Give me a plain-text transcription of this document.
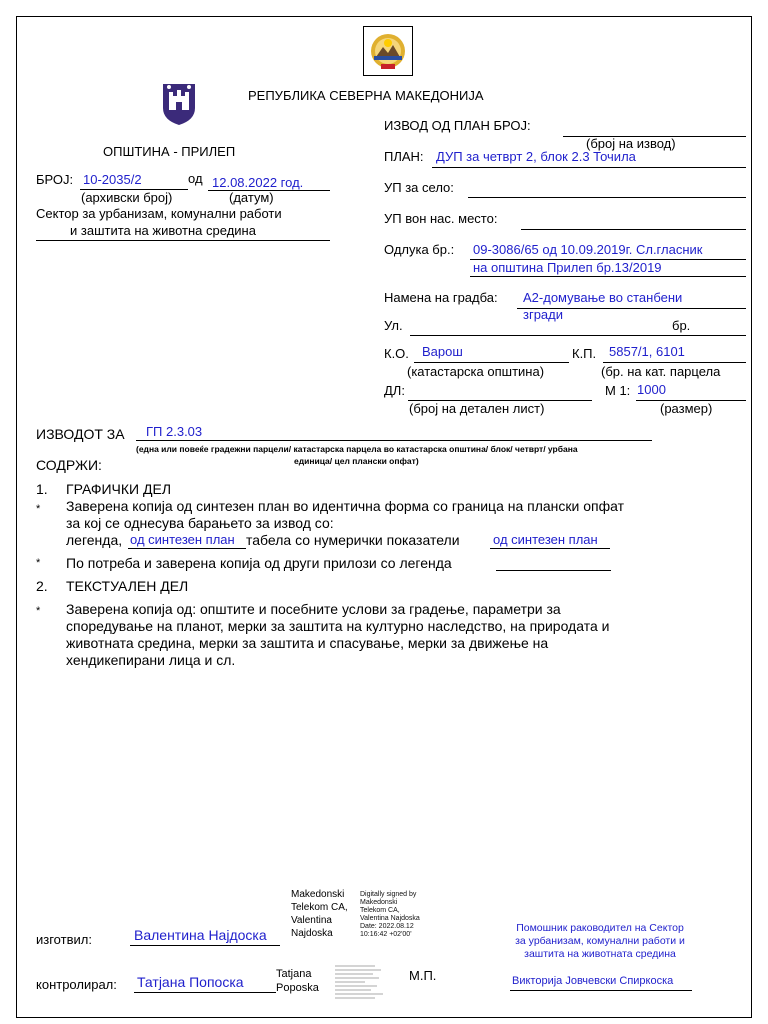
РЕПУБЛИКА СЕВЕРНА МАКЕДОНИЈА
ОПШТИНА - ПРИЛЕП
БРОЈ: 10-2035/2	од 12.08.2022 год.
(архивски број)	(датум)
Сектор за урбанизам, комунални работи
и заштита на животна средина
ИЗВОД ОД ПЛАН БРОЈ:
(број на извод)
ПЛАН: ДУП за четврт 2, блок 2.3 Точила
УП за село:
УП вон нас. место:
Одлука бр.: 09-3086/65 од 10.09.2019г. Сл.гласник
на општина Прилеп бр.13/2019
Намена на градба: А2-домување во станбени
згради
Ул.	бр.
К.О. Варош	К.П. 5857/1, 6101
(катастарска општина)	(бр. на кат. парцела
ДЛ:	М 1: 1000
(број на детален лист)	(размер)
ИЗВОДОТ ЗА ГП 2.3.03
(една или повеќе градежни парцели/ катастарска парцела во катастарска општина/ блок/ четврт/ урбана
единица/ цел плански опфат)
СОДРЖИ:
1. ГРАФИЧКИ ДЕЛ
* Заверена копија од синтезен план во идентична форма со граница на плански опфат
за кој се однесува барањето за извод со:
легенда, од синтезен план табела со нумерички показатели	од синтезен план
* По потреба и заверена копија од други прилози со легенда
2. ТЕКСТУАЛЕН ДЕЛ
* Заверена копија од: општите и посебните услови за градење, параметри за
споредување на планот, мерки за заштита на културно наследство, на природата и
животната средина, мерки за заштита и спасување, мерки за движење на
хендикепирани лица и сл.
изготвил:	Валентина Најдоска
Makedonski
Telekom CA,
Valentina
Najdoska
Digitally signed by
Makedonski
Telekom CA,
Valentina Najdoska
Date: 2022.08.12
10:16:42 +02'00'
контролирал: Татјана Попоска	Tatjana
Poposka
М.П.
Помошник раководител на Сектор
за урбанизам, комунални работи и
заштита на животната средина
Викторија Јовчевски Спиркоска
